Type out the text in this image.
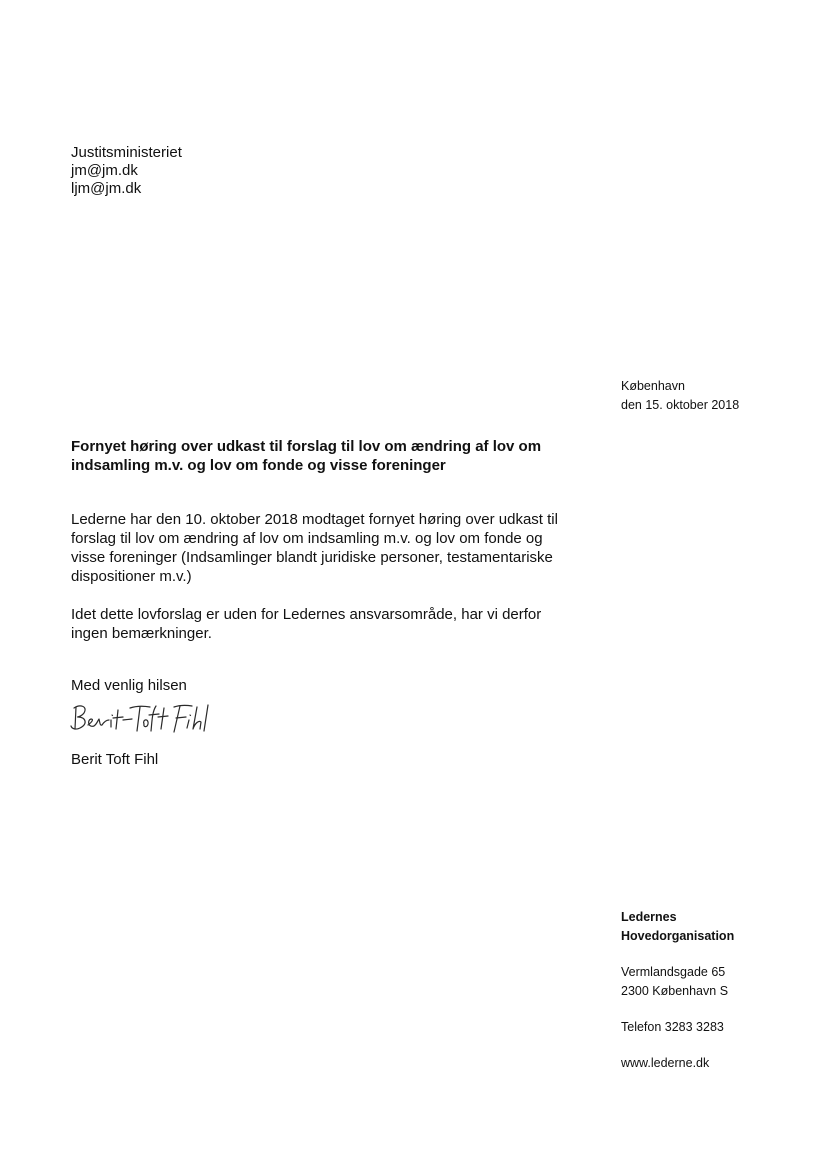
Justitsministeriet
jm@jm.dk
ljm@jm.dk
København
den 15. oktober 2018
Fornyet høring over udkast til forslag til lov om ændring af lov om indsamling m.v. og lov om fonde og visse foreninger

Lederne har den 10. oktober 2018 modtaget fornyet høring over udkast til forslag til lov om ændring af lov om indsamling m.v. og lov om fonde og visse foreninger (Indsamlinger blandt juridiske personer, testamentariske dispositioner m.v.)

Idet dette lovforslag er uden for Ledernes ansvarsområde, har vi derfor ingen bemærkninger.

Med venlig hilsen
Berit Toft Fihl
Ledernes
Hovedorganisation
Vermlandsgade 65
2300 København S
Telefon 3283 3283
www.lederne.dk
